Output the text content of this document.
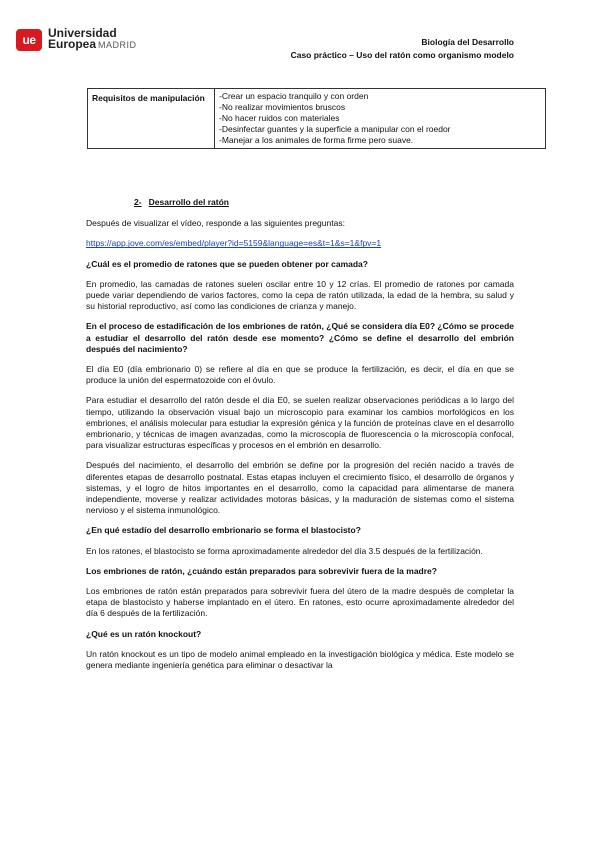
ue	Universidad
Europea MADRID	Biología del Desarrollo
Caso práctico – Uso del ratón como organismo modelo
Requisitos de manipulación	-Crear un espacio tranquilo y con orden
-No realizar movimientos bruscos
-No hacer ruidos con materiales
-Desinfectar guantes y la superficie a manipular con el roedor
-Manejar a los animales de forma firme pero suave.
2- Desarrollo del ratón

Después de visualizar el vídeo, responde a las siguientes preguntas:

https://app.jove.com/es/embed/player?id=5159&language=es&t=1&s=1&fpv=1

¿Cuál es el promedio de ratones que se pueden obtener por camada?

En promedio, las camadas de ratones suelen oscilar entre 10 y 12 crías. El promedio de ratones por camada puede variar dependiendo de varios factores, como la cepa de ratón utilizada, la edad de la hembra, su salud y su historial reproductivo, así como las condiciones de crianza y manejo.

En el proceso de estadificación de los embriones de ratón, ¿Qué se considera día E0? ¿Cómo se procede a estudiar el desarrollo del ratón desde ese momento? ¿Cómo se define el desarrollo del embrión después del nacimiento?

El día E0 (día embrionario 0) se refiere al día en que se produce la fertilización, es decir, el día en que se produce la unión del espermatozoide con el óvulo.

Para estudiar el desarrollo del ratón desde el día E0, se suelen realizar observaciones periódicas a lo largo del tiempo, utilizando la observación visual bajo un microscopio para examinar los cambios morfológicos en los embriones, el análisis molecular para estudiar la expresión génica y la función de proteínas clave en el desarrollo embrionario, y técnicas de imagen avanzadas, como la microscopía de fluorescencia o la microscopía confocal, para visualizar estructuras específicas y procesos en el embrión en desarrollo.

Después del nacimiento, el desarrollo del embrión se define por la progresión del recién nacido a través de diferentes etapas de desarrollo postnatal. Estas etapas incluyen el crecimiento físico, el desarrollo de órganos y sistemas, y el logro de hitos importantes en el desarrollo, como la capacidad para alimentarse de manera independiente, moverse y realizar actividades motoras básicas, y la maduración de sistemas como el sistema nervioso y el sistema inmunológico.

¿En qué estadío del desarrollo embrionario se forma el blastocisto?

En los ratones, el blastocisto se forma aproximadamente alrededor del día 3.5 después de la fertilización.

Los embriones de ratón, ¿cuándo están preparados para sobrevivir fuera de la madre?

Los embriones de ratón están preparados para sobrevivir fuera del útero de la madre después de completar la etapa de blastocisto y haberse implantado en el útero. En ratones, esto ocurre aproximadamente alrededor del día 6 después de la fertilización.

¿Qué es un ratón knockout?

Un ratón knockout es un tipo de modelo animal empleado en la investigación biológica y médica. Este modelo se genera mediante ingeniería genética para eliminar o desactivar la
